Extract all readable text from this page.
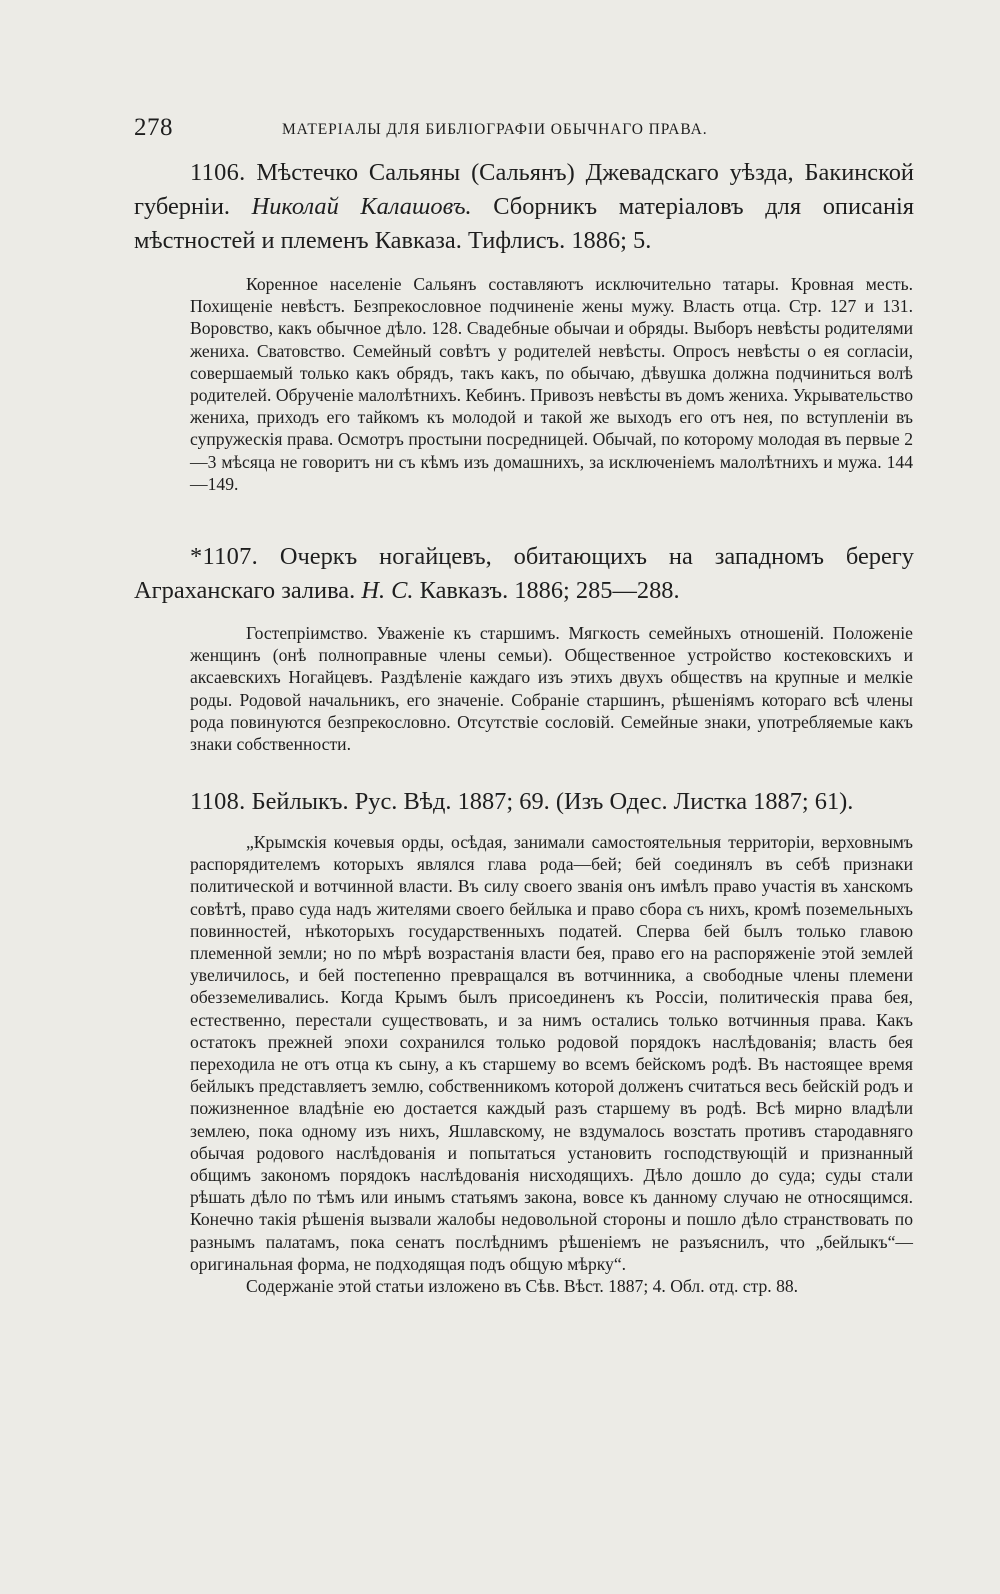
278	МАТЕРІАЛЫ ДЛЯ БИБЛІОГРАФІИ ОБЫЧНАГО ПРАВА.

1106. Мѣстечко Сальяны (Сальянъ) Джевадскаго уѣзда, Бакинской губерніи. Николай Калашовъ. Сборникъ матеріаловъ для описанія мѣстностей и племенъ Кавказа. Тифлисъ. 1886; 5.

Коренное населеніе Сальянъ составляютъ исключительно татары. Кровная месть. Похищеніе невѣстъ. Безпрекословное подчиненіе жены мужу. Власть отца. Стр. 127 и 131. Воровство, какъ обычное дѣло. 128. Свадебные обычаи и обряды. Выборъ невѣсты родителями жениха. Сватовство. Семейный совѣтъ у родителей невѣсты. Опросъ невѣсты о ея согласіи, совершаемый только какъ обрядъ, такъ какъ, по обычаю, дѣвушка должна подчиниться волѣ родителей. Обрученіе малолѣтнихъ. Кебинъ. Привозъ невѣсты въ домъ жениха. Укрывательство жениха, приходъ его тайкомъ къ молодой и такой же выходъ его отъ нея, по вступленіи въ супружескія права. Осмотръ простыни посредницей. Обычай, по которому молодая въ первые 2—3 мѣсяца не говоритъ ни съ кѣмъ изъ домашнихъ, за исключеніемъ малолѣтнихъ и мужа. 144—149.

*1107. Очеркъ ногайцевъ, обитающихъ на западномъ берегу Аграханскаго залива. Н. С. Кавказъ. 1886; 285—288.

Гостепріимство. Уваженіе къ старшимъ. Мягкость семейныхъ отношеній. Положеніе женщинъ (онѣ полноправные члены семьи). Общественное устройство костековскихъ и аксаевскихъ Ногайцевъ. Раздѣленіе каждаго изъ этихъ двухъ обществъ на крупные и мелкіе роды. Родовой начальникъ, его значеніе. Собраніе старшинъ, рѣшеніямъ котораго всѣ члены рода повинуются безпрекословно. Отсутствіе сословій. Семейные знаки, употребляемые какъ знаки собственности.

1108. Бейлыкъ. Рус. Вѣд. 1887; 69. (Изъ Одес. Листка 1887; 61).

„Крымскія кочевыя орды, осѣдая, занимали самостоятельныя территоріи, верховнымъ распорядителемъ которыхъ являлся глава рода—бей; бей соединялъ въ себѣ признаки политической и вотчинной власти. Въ силу своего званія онъ имѣлъ право участія въ ханскомъ совѣтѣ, право суда надъ жителями своего бейлыка и право сбора съ нихъ, кромѣ поземельныхъ повинностей, нѣкоторыхъ государственныхъ податей. Сперва бей былъ только главою племенной земли; но по мѣрѣ возрастанія власти бея, право его на распоряженіе этой землей увеличилось, и бей постепенно превращался въ вотчинника, а свободные члены племени обезземеливались. Когда Крымъ былъ присоединенъ къ Россіи, политическія права бея, естественно, перестали существовать, и за нимъ остались только вотчинныя права. Какъ остатокъ прежней эпохи сохранился только родовой порядокъ наслѣдованія; власть бея переходила не отъ отца къ сыну, а къ старшему во всемъ бейскомъ родѣ. Въ настоящее время бейлыкъ представляетъ землю, собственникомъ которой долженъ считаться весь бейскій родъ и пожизненное владѣніе ею достается каждый разъ старшему въ родѣ. Всѣ мирно владѣли землею, пока одному изъ нихъ, Яшлавскому, не вздумалось возстать противъ стародавняго обычая родового наслѣдованія и попытаться установить господствующій и признанный общимъ закономъ порядокъ наслѣдованія нисходящихъ. Дѣло дошло до суда; суды стали рѣшать дѣло по тѣмъ или инымъ статьямъ закона, вовсе къ данному случаю не относящимся. Конечно такія рѣшенія вызвали жалобы недовольной стороны и пошло дѣло странствовать по разнымъ палатамъ, пока сенатъ послѣднимъ рѣшеніемъ не разъяснилъ, что „бейлыкъ“—оригинальная форма, не подходящая подъ общую мѣрку“.

Содержаніе этой статьи изложено въ Сѣв. Вѣст. 1887; 4. Обл. отд. стр. 88.
